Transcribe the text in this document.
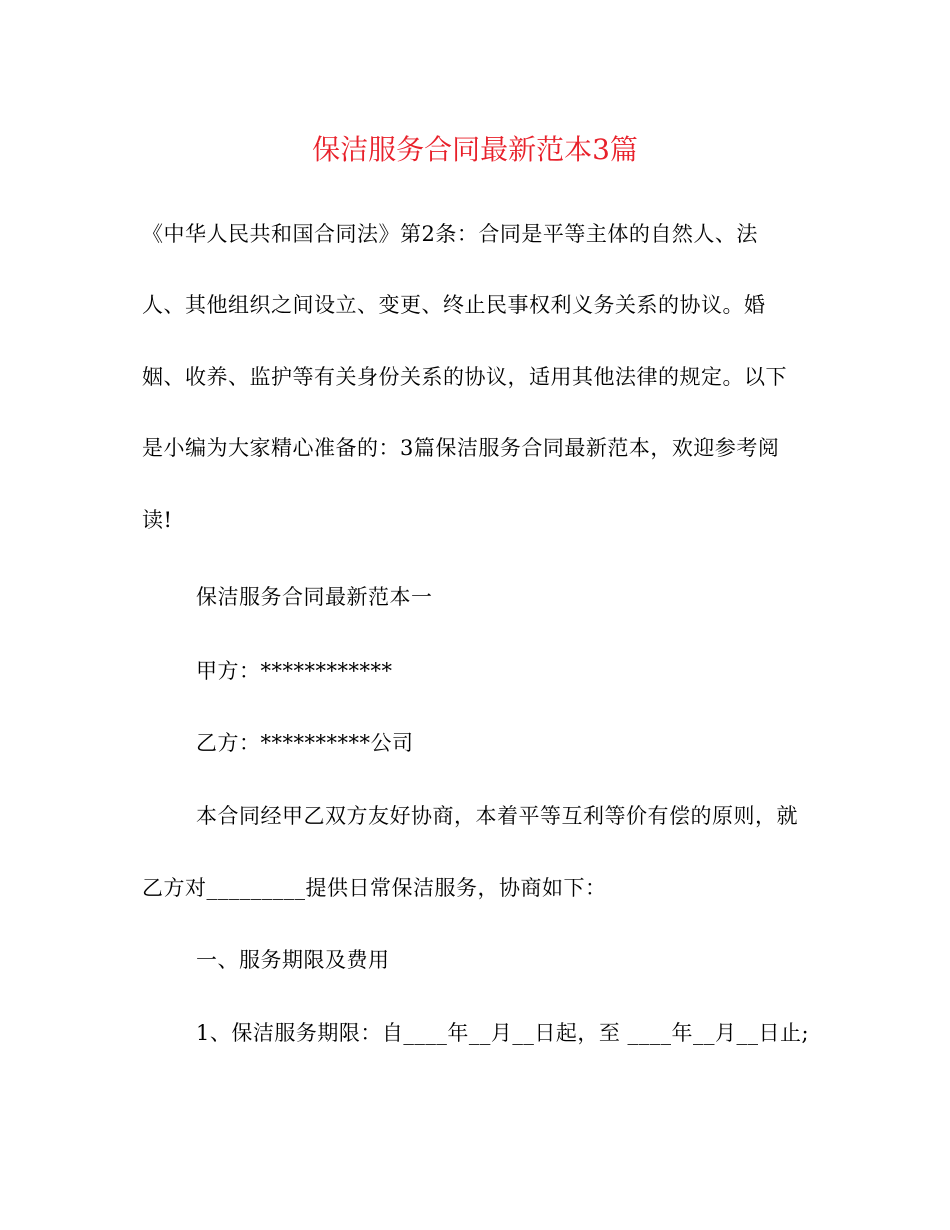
保洁服务合同最新范本3篇
《中华人民共和国合同法》第2条：合同是平等主体的自然人、法
人、其他组织之间设立、变更、终止民事权利义务关系的协议。婚
姻、收养、监护等有关身份关系的协议，适用其他法律的规定。以下
是小编为大家精心准备的：3篇保洁服务合同最新范本，欢迎参考阅
读!
保洁服务合同最新范本一
甲方：************
乙方：**********公司
本合同经甲乙双方友好协商，本着平等互利等价有偿的原则，就
乙方对_________提供日常保洁服务，协商如下：
一、服务期限及费用
1、保洁服务期限：自____年__月__日起，至 ____年__月__日止;
